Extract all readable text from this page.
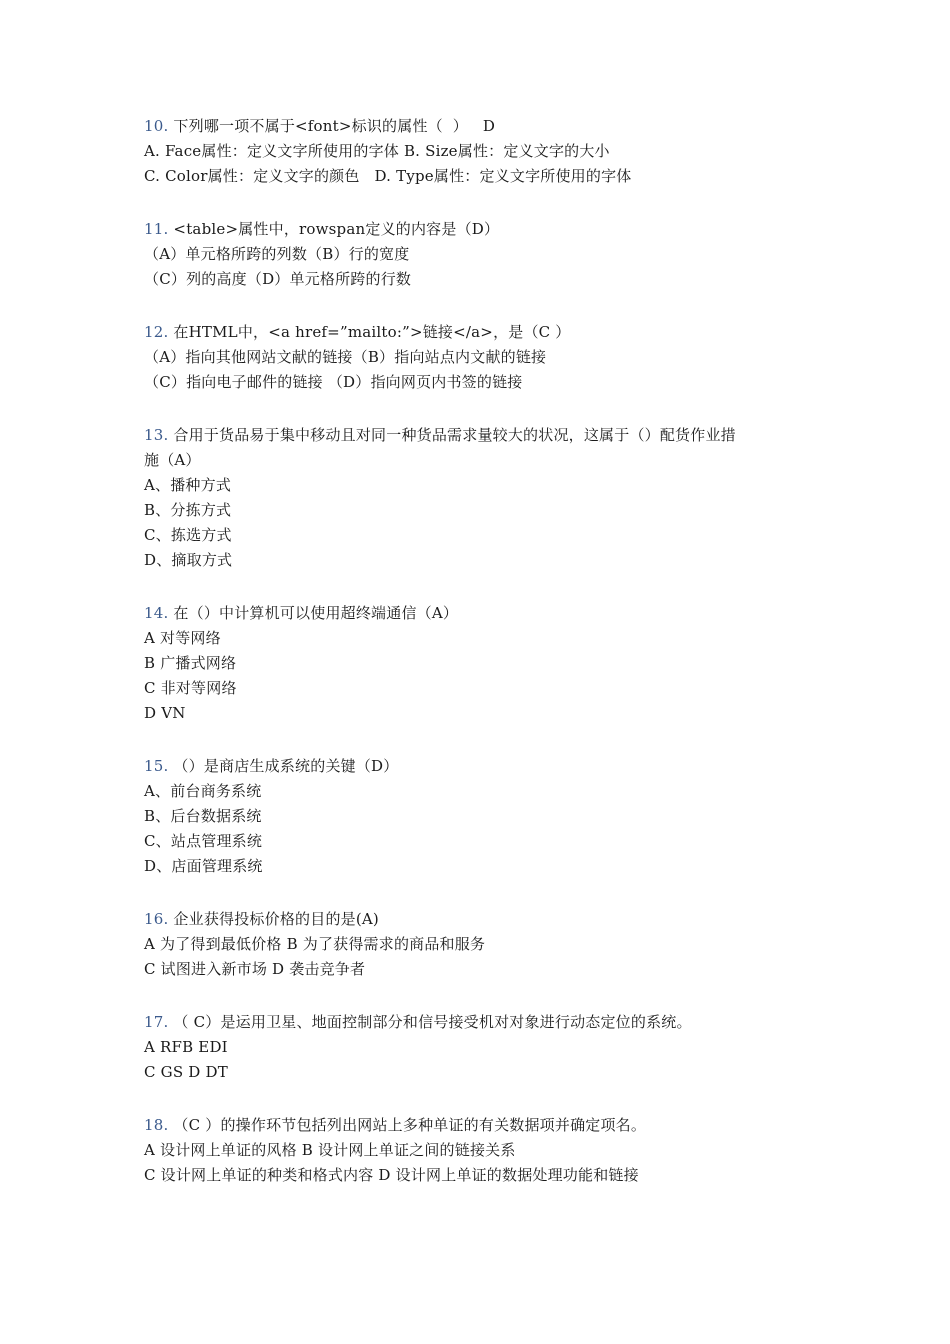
10. 下列哪一项不属于<font>标识的属性（  ）   D
A. Face属性：定义文字所使用的字体 B. Size属性：定义文字的大小
C. Color属性：定义文字的颜色   D. Type属性：定义文字所使用的字体
11. <table>属性中，rowspan定义的内容是（D）
（A）单元格所跨的列数（B）行的宽度
（C）列的高度（D）单元格所跨的行数
12. 在HTML中，<a href=”mailto:”>链接</a>，是（C ）
（A）指向其他网站文献的链接（B）指向站点内文献的链接
（C）指向电子邮件的链接 （D）指向网页内书签的链接
13. 合用于货品易于集中移动且对同一种货品需求量较大的状况，这属于（）配货作业措
施（A）
A、播种方式
B、分拣方式
C、拣选方式
D、摘取方式
14. 在（）中计算机可以使用超终端通信（A）
A 对等网络
B 广播式网络
C 非对等网络
D VN
15. （）是商店生成系统的关键（D）
A、前台商务系统
B、后台数据系统
C、站点管理系统
D、店面管理系统
16. 企业获得投标价格的目的是(A)
A 为了得到最低价格 B 为了获得需求的商品和服务
C 试图进入新市场 D 袭击竞争者
17. （ C）是运用卫星、地面控制部分和信号接受机对对象进行动态定位的系统。
A RFB EDI
C GS D DT
18. （C ）的操作环节包括列出网站上多种单证的有关数据项并确定项名。
A 设计网上单证的风格 B 设计网上单证之间的链接关系
C 设计网上单证的种类和格式内容 D 设计网上单证的数据处理功能和链接
